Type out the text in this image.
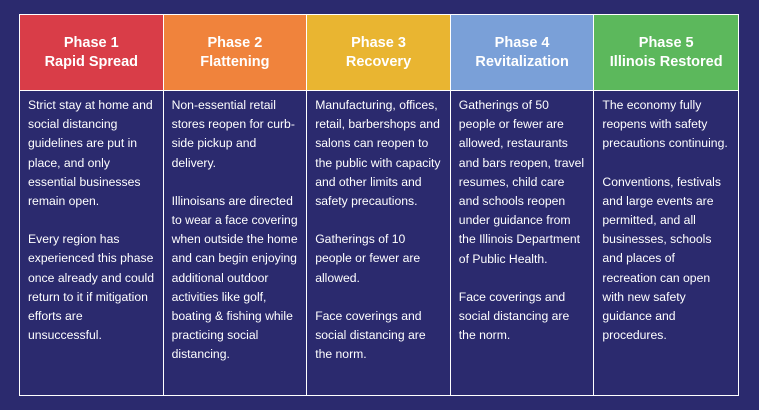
Phase 1
Rapid Spread
Phase 2
Flattening
Phase 3
Recovery
Phase 4
Revitalization
Phase 5
Illinois Restored

Strict stay at home and social distancing guidelines are put in place, and only essential businesses remain open.

Every region has experienced this phase once already and could return to it if mitigation efforts are unsuccessful.

Non-essential retail stores reopen for curb-side pickup and delivery.

Illinoisans are directed to wear a face covering when outside the home and can begin enjoying additional outdoor activities like golf, boating & fishing while practicing social distancing.

Manufacturing, offices, retail, barbershops and salons can reopen to the public with capacity and other limits and safety precautions.

Gatherings of 10 people or fewer are allowed.

Face coverings and social distancing are the norm.

Gatherings of 50 people or fewer are allowed, restaurants and bars reopen, travel resumes, child care and schools reopen under guidance from the Illinois Department of Public Health.

Face coverings and social distancing are the norm.

The economy fully reopens with safety precautions continuing.

Conventions, festivals and large events are permitted, and all businesses, schools and places of recreation can open with new safety guidance and procedures.
